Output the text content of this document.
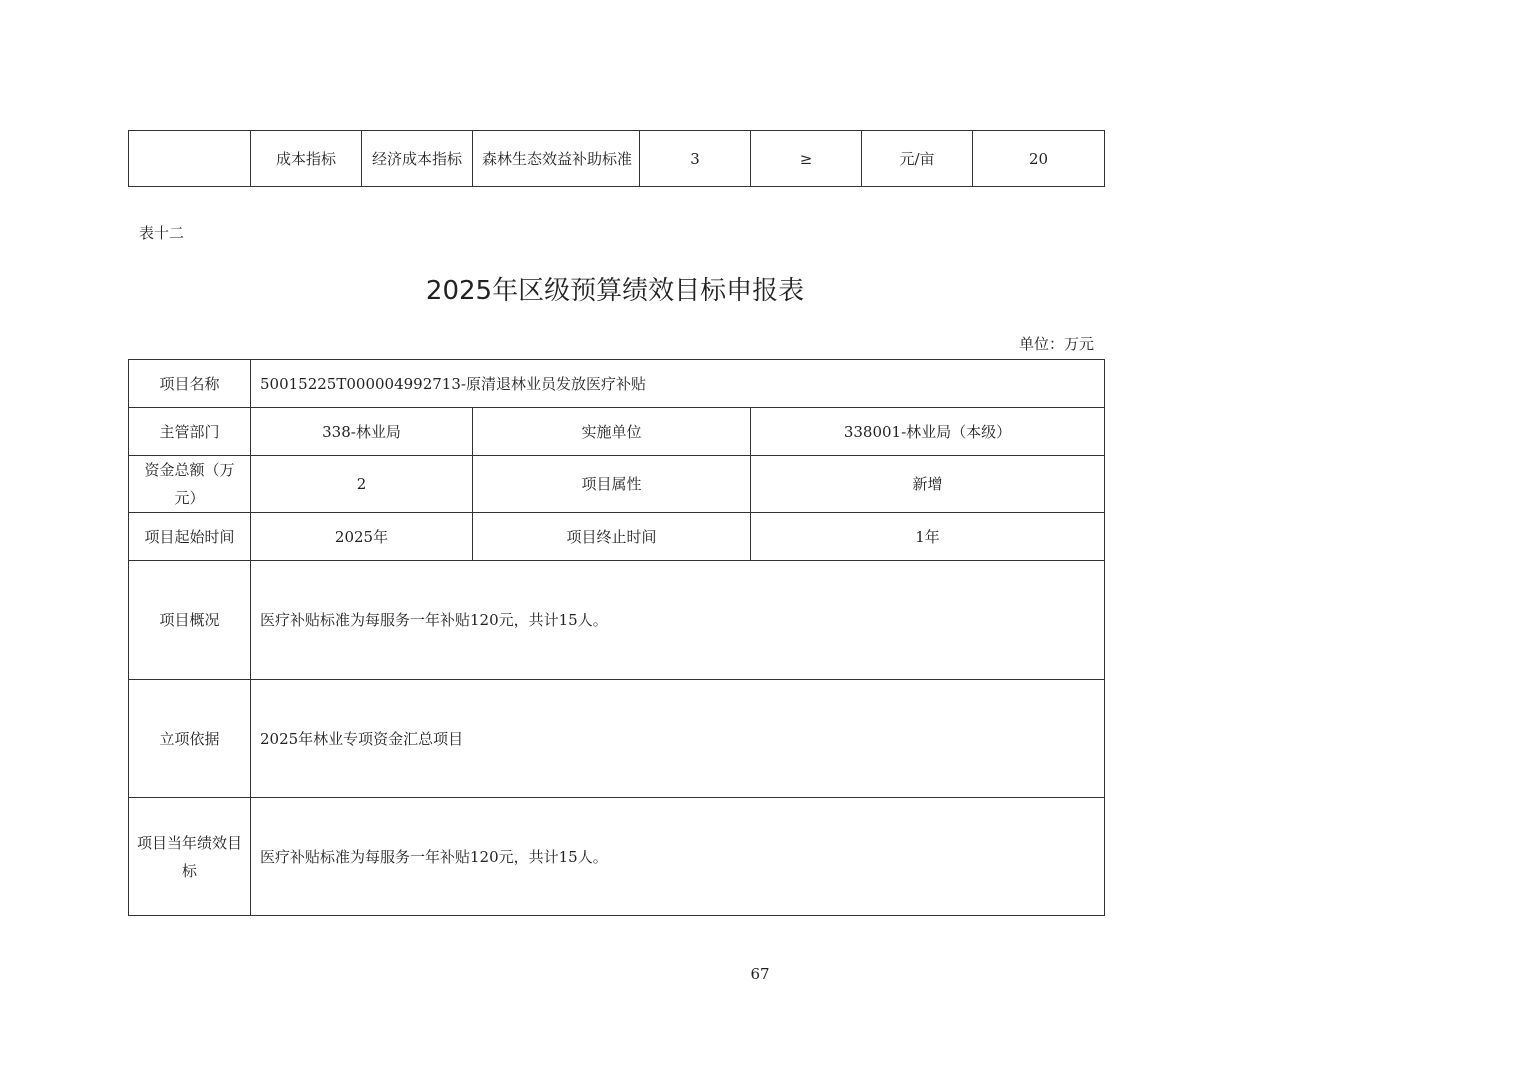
	成本指标	经济成本指标	森林生态效益补助标准	3	≥	元/亩	20
表十二
2025年区级预算绩效目标申报表
单位：万元
项目名称	50015225T000004992713-原清退林业员发放医疗补贴		
主管部门	338-林业局	实施单位	338001-林业局（本级）
资金总额（万元）	2	项目属性	新增
项目起始时间	2025年	项目终止时间	1年
项目概况	医疗补贴标准为每服务一年补贴120元，共计15人。		
立项依据	2025年林业专项资金汇总项目		
项目当年绩效目标	医疗补贴标准为每服务一年补贴120元，共计15人。		
67
